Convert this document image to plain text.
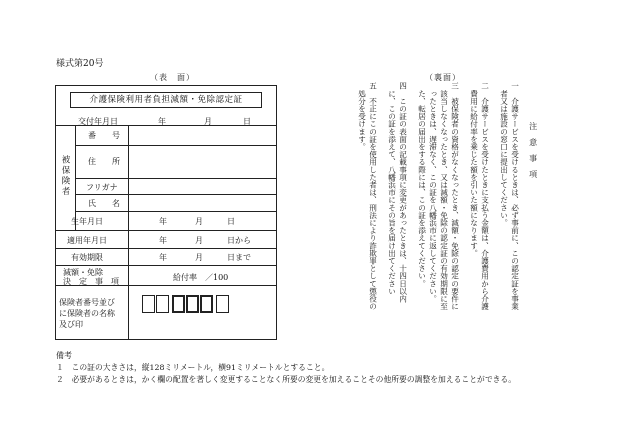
様式第20号
（表　面）	（裏面）
介護保険利用者負担減額・免除認定証
交付年月日	年	月	日
被保険者
番　　号
住　　所
フリガナ
氏　　名
生年月日	年	月	日
適用年月日	年	月	日から
有効期限	年	月	日まで
減額・免除
決　定　事　項	給付率　／100
保険者番号並び
に保険者の名称
及び印
注　意　事　項
一　介護サービスを受けるときは、必ず事前に、この認定証を事業
　者又は施設の窓口に提出してください。
二　介護サービスを受けたときに支払う金額は、介護費用から介護
　費用に給付率を乗じた額を引いた額になります。
三　被保険者の資格がなくなったとき、減額・免除の認定の要件に
　該当しなくなったとき、又は減額・免除の認定証の有効期限に至
　ったときは、遅滞なく、この証を八幡浜市に返してください。
　た、転居の届出をする際には、この証を添えてください。
四　この証の表面の記載事項に変更があったときは、十四日以内
　に、この証を添えて、八幡浜市にその旨を届け出てください
五　不正にこの証を使用した者は、刑法により詐欺罪として懲役の
　処分を受けます。
備考
１　この証の大きさは，縦128ミリメートル，横91ミリメートルとすること。
２　必要があるときは，かく欄の配置を著しく変更することなく所要の変更を加えることその他所要の調整を加えることができる。
